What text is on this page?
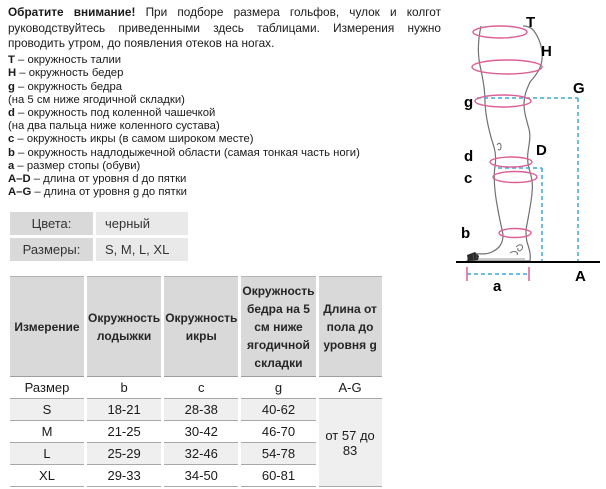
Обратите внимание! При подборе размера гольфов, чулок и колгот руководствуйтесь приведенными здесь таблицами. Измерения нужно проводить утром, до появления отеков на ногах.

T – окружность талии
H – окружность бедер
g – окружность бедра
(на 5 см ниже ягодичной складки)
d – окружность под коленной чашечкой
(на два пальца ниже коленного сустава)
c – окружность икры (в самом широком месте)
b – окружность надлодыжечной области (самая тонкая часть ноги)
a – размер стопы (обуви)
A–D – длина от уровня d до пятки
A–G – длина от уровня g до пятки
Цвета:	черный
Размеры:	S, M, L, XL
Измерение	Окружность лодыжки	Окружность икры	Окружность бедра на 5 см ниже ягодичной складки	Длина от пола до уровня g
Размер	b	c	g	A-G
S	18-21	28-38	40-62	от 57 до 83
M	21-25	30-42	46-70	
L	25-29	32-46	54-78	
XL	29-33	34-50	60-81	
T
H
G
g
d	D
c
b
a
A
